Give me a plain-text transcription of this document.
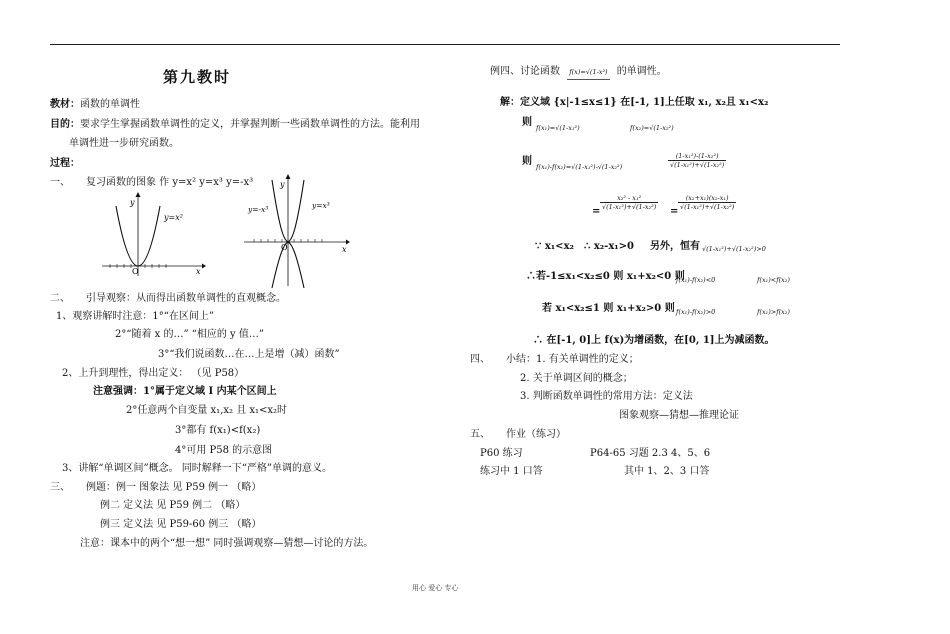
第九教时
教材：函数的单调性
目的：要求学生掌握函数单调性的定义，并掌握判断一些函数单调性的方法。能利用
单调性进一步研究函数。
过程：
一、 复习函数的图象 作 y=x² y=x³ y=-x³
y
x
O
y=x²
y
x
O
y=-x³	y=x³
二、 引导观察：从而得出函数单调性的直观概念。
1、观察讲解时注意：1°“在区间上”
2°“随着 x 的…” “相应的 y 值…”
3°“我们说函数…在…上是增（减）函数”
2、上升到理性，得出定义： （见 P58）
注意强调：1°属于定义域 I 内某个区间上
2°任意两个自变量 x₁,x₂ 且 x₁<x₂时
3°都有 f(x₁)<f(x₂)
4°可用 P58 的示意图
3、讲解“单调区间”概念。 同时解释一下“严格”单调的意义。
三、 例题：例一 图象法 见 P59 例一 （略）
例二 定义法 见 P59 例二 （略）
例三 定义法 见 P59-60 例三 （略）
注意：课本中的两个“想一想” 同时强调观察—猜想—讨论的方法。
例四、讨论函数 f(x)=√(1-x²) 的单调性。
解：定义域 {x|-1≤x≤1} 在[-1, 1]上任取 x₁, x₂且 x₁<x₂
则 f(x₁)=√(1-x₁²)	f(x₂)=√(1-x₂²)
则 f(x₁)-f(x₂)=√(1-x₁²)-√(1-x₂²)	$\frac{\text{(1-x₁²)-(1-x₂²)}}{\text{√(1-x₁²)+√(1-x₂²)}}$
=
$\frac{\text{x₂² - x₁²}}{\text{√(1-x₁²)+√(1-x₂²)}}$
=
$\frac{\text{(x₂+x₁)(x₂-x₁)}}{\text{√(1-x₁²)+√(1-x₂²)}}$
∵ x₁<x₂ ∴ x₂-x₁>0 另外，恒有 √(1-x₁²)+√(1-x₂²)>0
∴若-1≤x₁<x₂≤0 则 x₁+x₂<0 则
f(x₁)-f(x₂)<0	f(x₁)<f(x₂)
若 x₁<x₂≤1 则 x₁+x₂>0 则 f(x₁)-f(x₂)>0	f(x₁)>f(x₂)
∴ 在[-1, 0]上 f(x)为增函数，在[0, 1]上为减函数。
四、 小结：1. 有关单调性的定义；
2. 关于单调区间的概念；
3. 判断函数单调性的常用方法：定义法
图象观察—猜想—推理论证
五、 作业（练习）
P60 练习	P64-65 习题 2.3 4、5、6
练习中 1 口答	其中 1、2、3 口答
用心 爱心 专心
